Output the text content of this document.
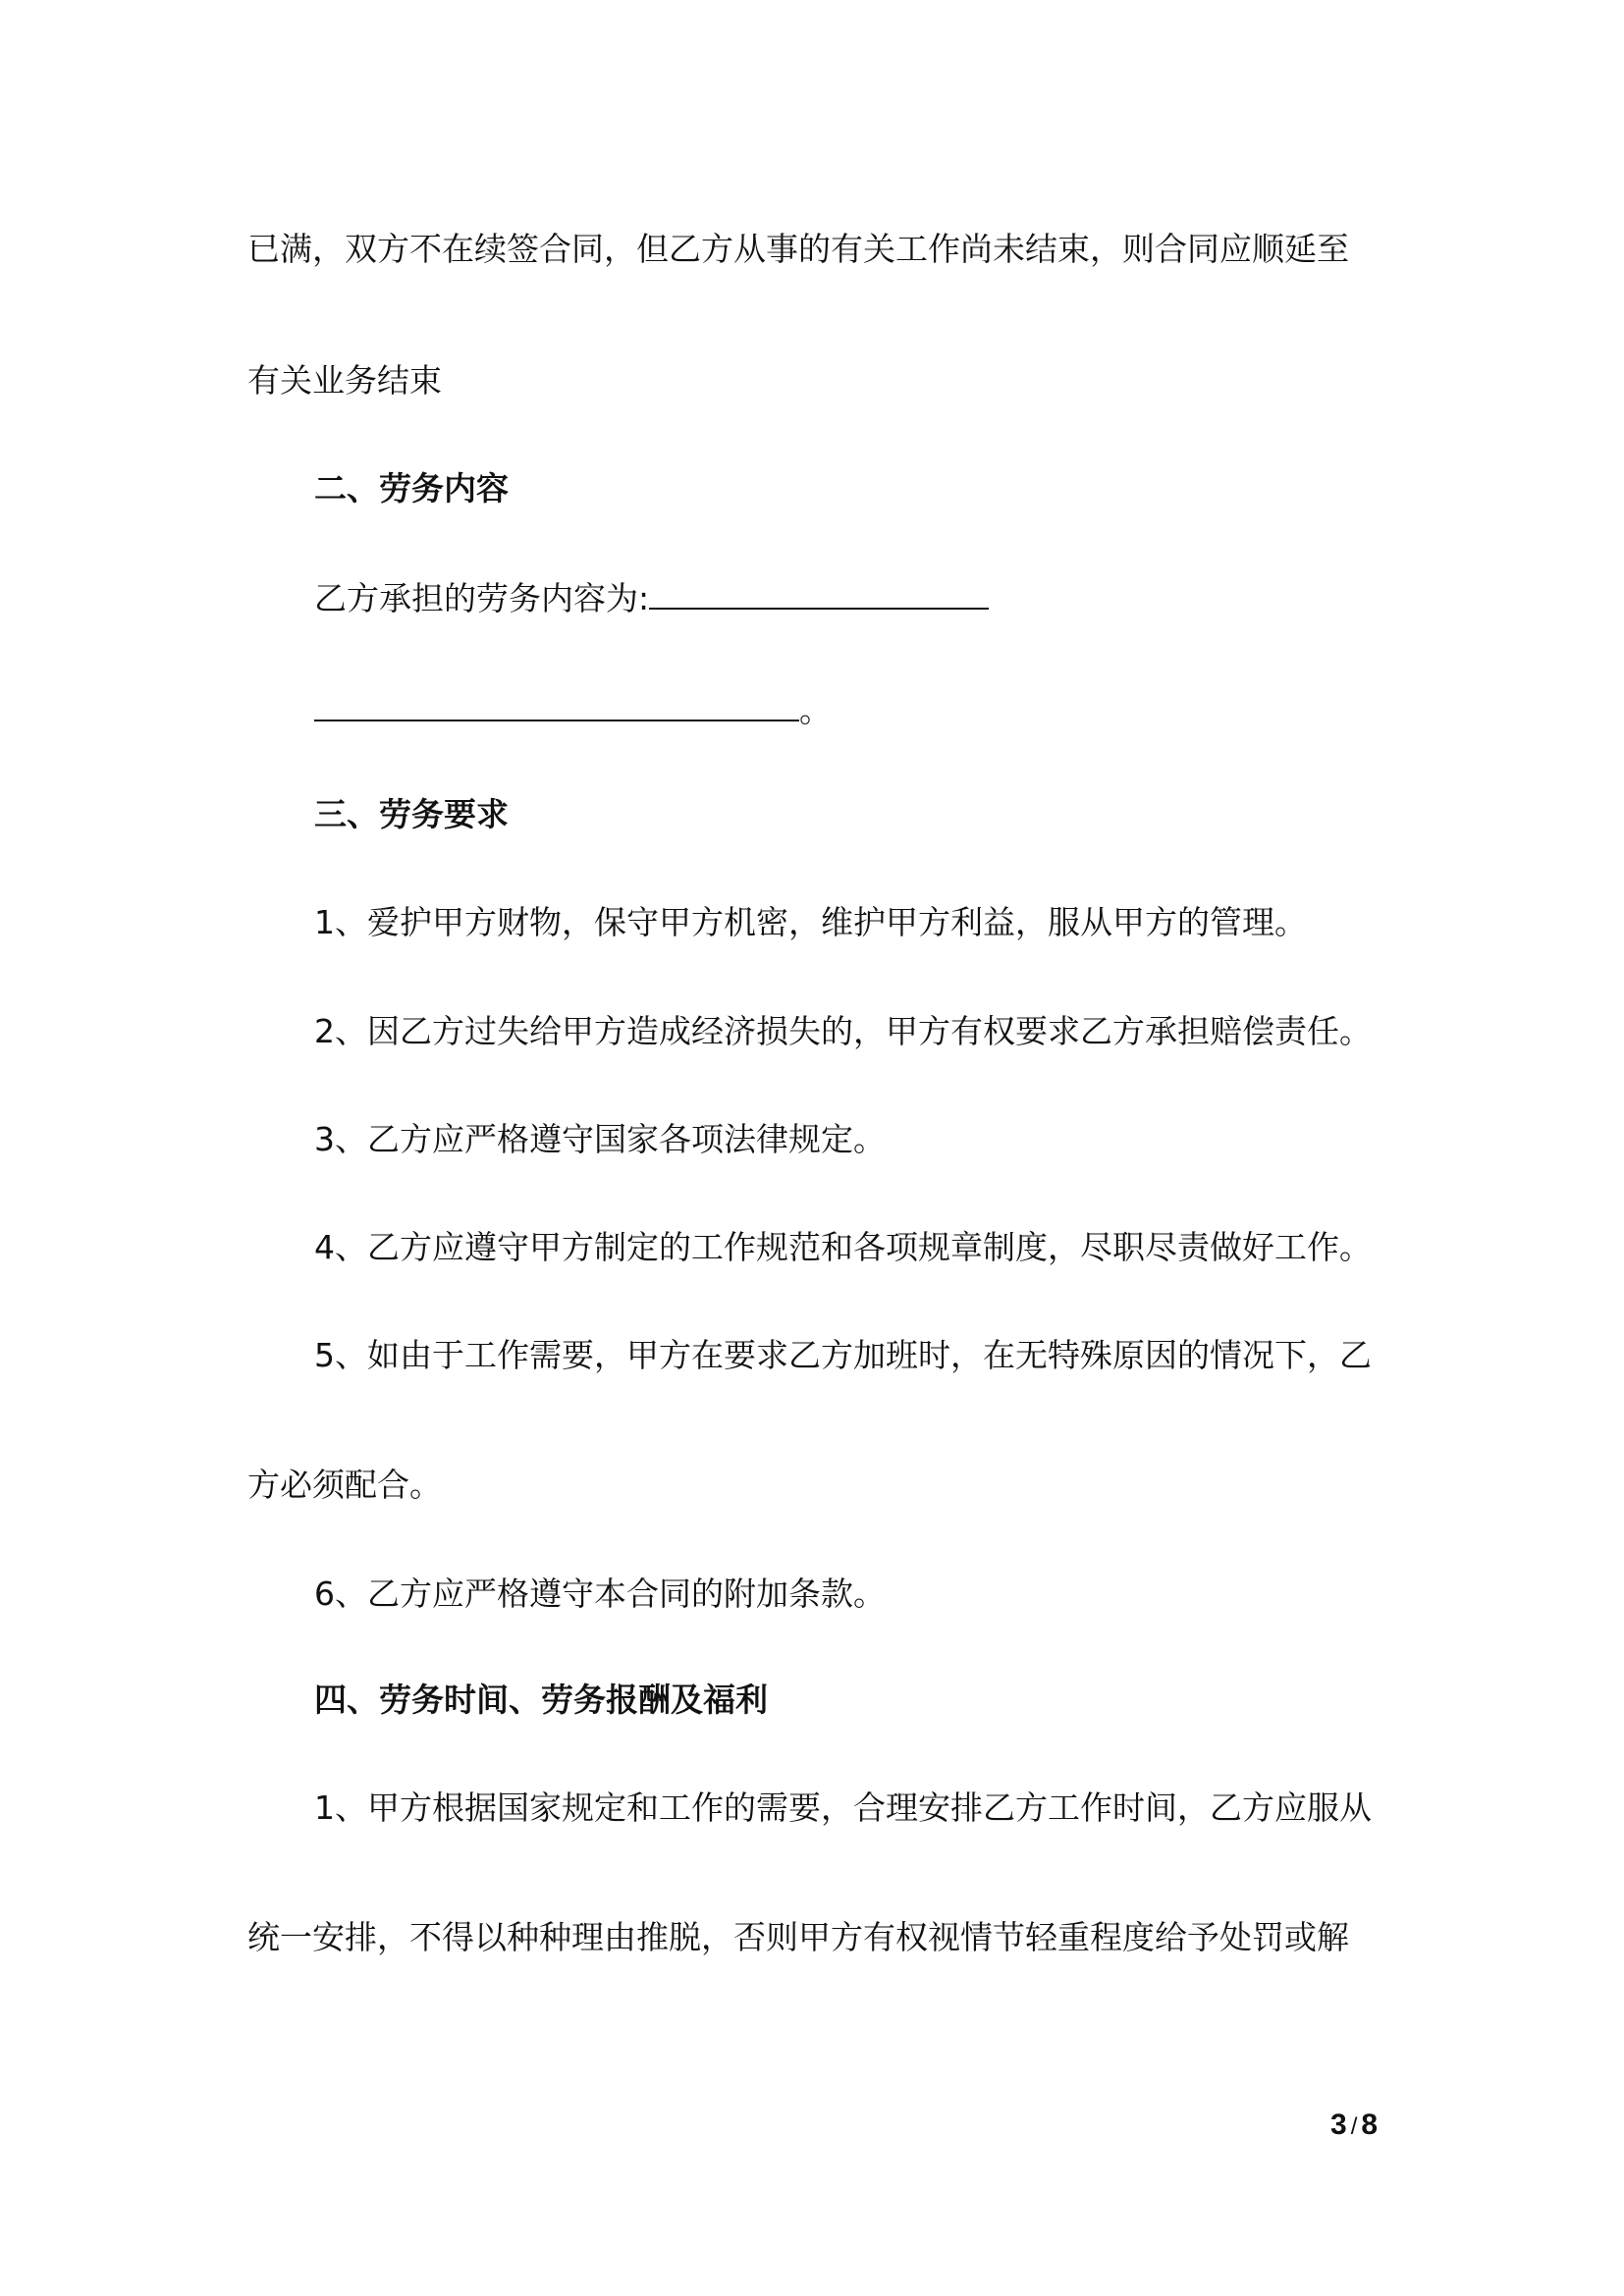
已满，双方不在续签合同，但乙方从事的有关工作尚未结束，则合同应顺延至

有关业务结束

二、劳务内容

乙方承担的劳务内容为:

。

三、劳务要求

1、爱护甲方财物，保守甲方机密，维护甲方利益，服从甲方的管理。

2、因乙方过失给甲方造成经济损失的，甲方有权要求乙方承担赔偿责任。

3、乙方应严格遵守国家各项法律规定。

4、乙方应遵守甲方制定的工作规范和各项规章制度，尽职尽责做好工作。

5、如由于工作需要，甲方在要求乙方加班时，在无特殊原因的情况下，乙

方必须配合。

6、乙方应严格遵守本合同的附加条款。

四、劳务时间、劳务报酬及福利

1、甲方根据国家规定和工作的需要，合理安排乙方工作时间，乙方应服从

统一安排，不得以种种理由推脱，否则甲方有权视情节轻重程度给予处罚或解

3 / 8
